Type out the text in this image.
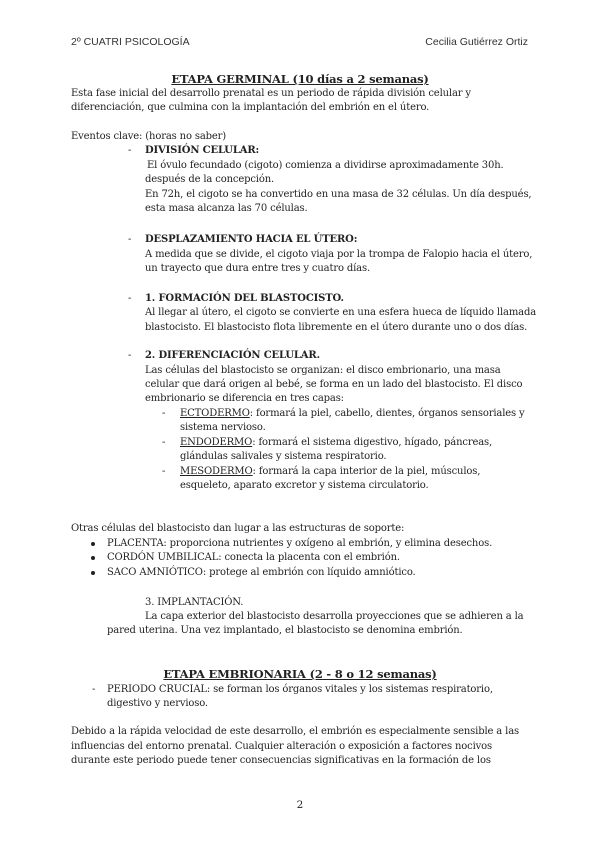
2º CUATRI PSICOLOGÍA	Cecilia Gutiérrez Ortiz
ETAPA GERMINAL (10 días a 2 semanas)
Esta fase inicial del desarrollo prenatal es un periodo de rápida división celular y
diferenciación, que culmina con la implantación del embrión en el útero.
Eventos clave: (horas no saber)
- DIVISIÓN CELULAR:
El óvulo fecundado (cigoto) comienza a dividirse aproximadamente 30h.
después de la concepción.
En 72h, el cigoto se ha convertido en una masa de 32 células. Un día después,
esta masa alcanza las 70 células.
- DESPLAZAMIENTO HACIA EL ÚTERO:
A medida que se divide, el cigoto viaja por la trompa de Falopio hacia el útero,
un trayecto que dura entre tres y cuatro días.
- 1. FORMACIÓN DEL BLASTOCISTO.
Al llegar al útero, el cigoto se convierte en una esfera hueca de líquido llamada
blastocisto. El blastocisto flota libremente en el útero durante uno o dos días.
- 2. DIFERENCIACIÓN CELULAR.
Las células del blastocisto se organizan: el disco embrionario, una masa
celular que dará origen al bebé, se forma en un lado del blastocisto. El disco
embrionario se diferencia en tres capas:
- ECTODERMO: formará la piel, cabello, dientes, órganos sensoriales y
sistema nervioso.
- ENDODERMO: formará el sistema digestivo, hígado, páncreas,
glándulas salivales y sistema respiratorio.
- MESODERMO: formará la capa interior de la piel, músculos,
esqueleto, aparato excretor y sistema circulatorio.
Otras células del blastocisto dan lugar a las estructuras de soporte:
PLACENTA: proporciona nutrientes y oxígeno al embrión, y elimina desechos.
CORDÓN UMBILICAL: conecta la placenta con el embrión.
SACO AMNIÓTICO: protege al embrión con líquido amniótico.
3. IMPLANTACIÓN.
La capa exterior del blastocisto desarrolla proyecciones que se adhieren a la
pared uterina. Una vez implantado, el blastocisto se denomina embrión.
ETAPA EMBRIONARIA (2 - 8 o 12 semanas)
- PERIODO CRUCIAL: se forman los órganos vitales y los sistemas respiratorio,
digestivo y nervioso.
Debido a la rápida velocidad de este desarrollo, el embrión es especialmente sensible a las
influencias del entorno prenatal. Cualquier alteración o exposición a factores nocivos
durante este periodo puede tener consecuencias significativas en la formación de los
2
